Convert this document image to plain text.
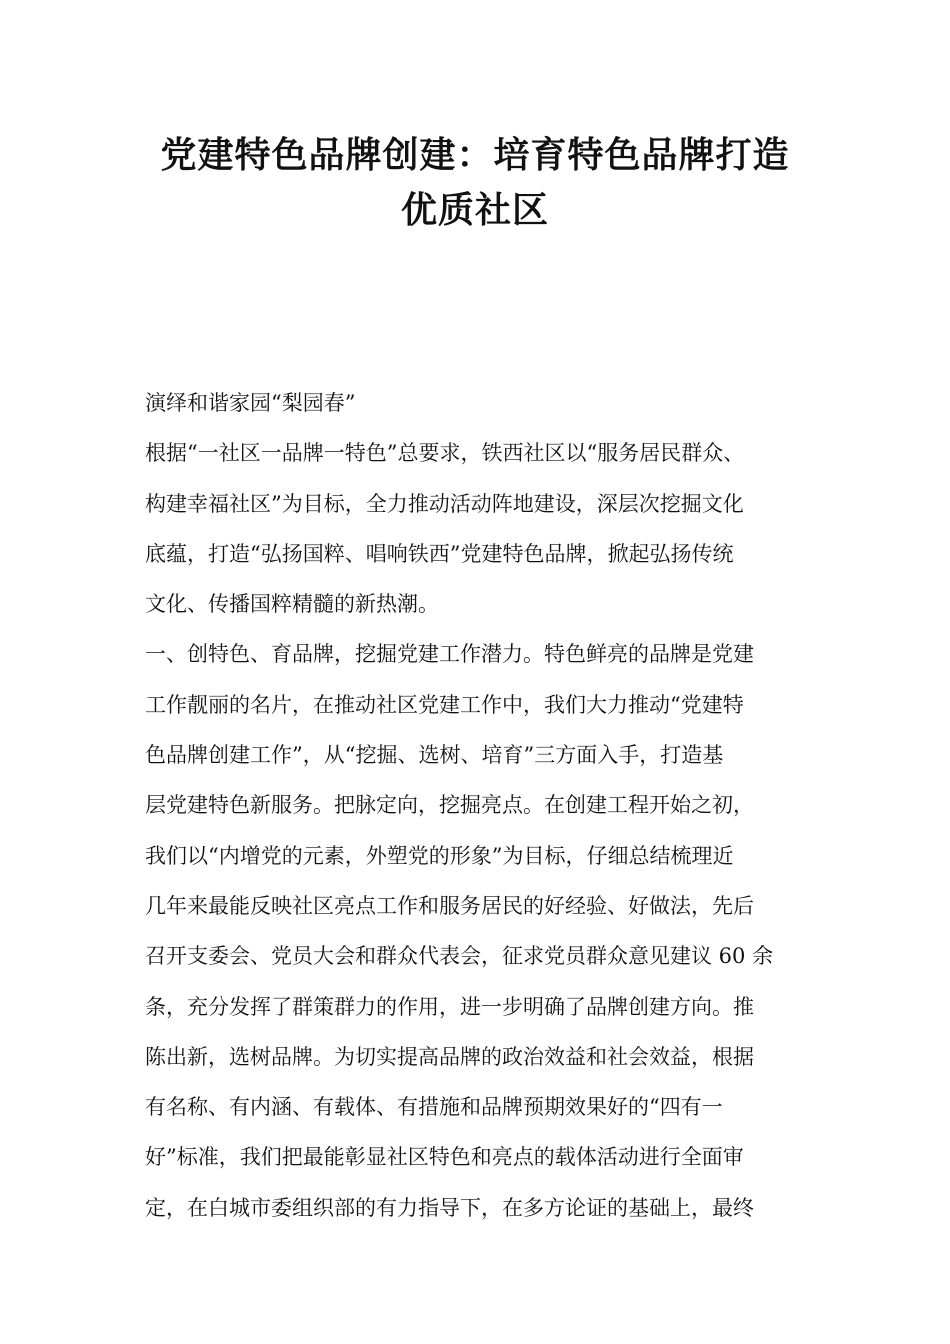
党建特色品牌创建：培育特色品牌打造
优质社区
演绎和谐家园“梨园春”
根据“一社区一品牌一特色”总要求，铁西社区以“服务居民群众、
构建幸福社区”为目标，全力推动活动阵地建设，深层次挖掘文化
底蕴，打造“弘扬国粹、唱响铁西”党建特色品牌，掀起弘扬传统
文化、传播国粹精髓的新热潮。
一、创特色、育品牌，挖掘党建工作潜力。特色鲜亮的品牌是党建
工作靓丽的名片，在推动社区党建工作中，我们大力推动“党建特
色品牌创建工作”，从“挖掘、选树、培育”三方面入手，打造基
层党建特色新服务。把脉定向，挖掘亮点。在创建工程开始之初，
我们以“内增党的元素，外塑党的形象”为目标，仔细总结梳理近
几年来最能反映社区亮点工作和服务居民的好经验、好做法，先后
召开支委会、党员大会和群众代表会，征求党员群众意见建议 60 余
条，充分发挥了群策群力的作用，进一步明确了品牌创建方向。推
陈出新，选树品牌。为切实提高品牌的政治效益和社会效益，根据
有名称、有内涵、有载体、有措施和品牌预期效果好的“四有一
好”标准，我们把最能彰显社区特色和亮点的载体活动进行全面审
定，在白城市委组织部的有力指导下，在多方论证的基础上，最终
